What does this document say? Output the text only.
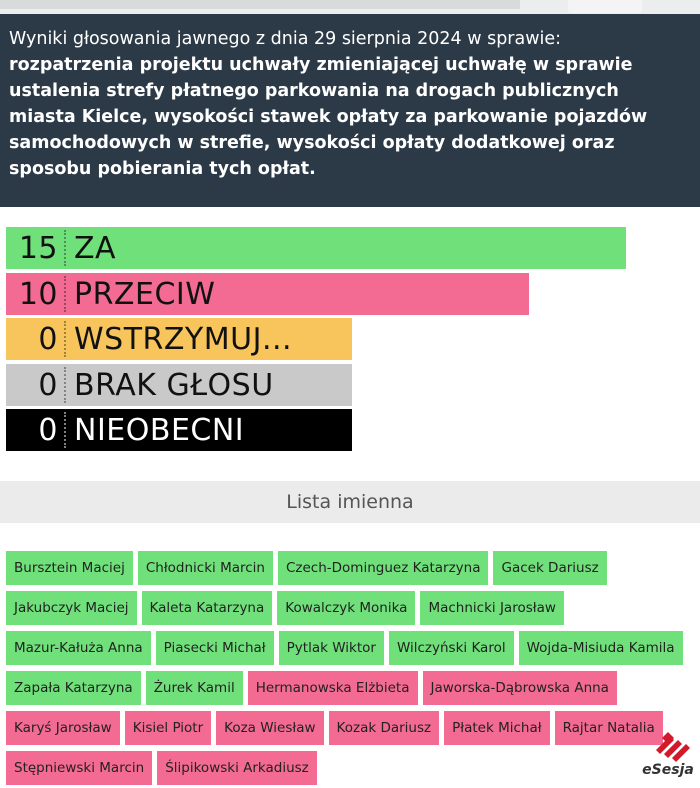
Wyniki głosowania jawnego z dnia 29 sierpnia 2024 w sprawie:
rozpatrzenia projektu uchwały zmieniającej uchwałę w sprawie ustalenia strefy płatnego parkowania na drogach publicznych miasta Kielce, wysokości stawek opłaty za parkowanie pojazdów samochodowych w strefie, wysokości opłaty dodatkowej oraz sposobu pobierania tych opłat.
15 ZA
10 PRZECIW
0 WSTRZYMUJ...
0 BRAK GŁOSU
0 NIEOBECNI
Lista imienna
Bursztein Maciej	Chłodnicki Marcin	Czech-Dominguez Katarzyna	Gacek Dariusz
Jakubczyk Maciej	Kaleta Katarzyna	Kowalczyk Monika	Machnicki Jarosław
Mazur-Kałuża Anna	Piasecki Michał	Pytlak Wiktor	Wilczyński Karol	Wojda-Misiuda Kamila
Zapała Katarzyna	Żurek Kamil	Hermanowska Elżbieta	Jaworska-Dąbrowska Anna
Karyś Jarosław	Kisiel Piotr	Koza Wiesław	Kozak Dariusz	Płatek Michał	Rajtar Natalia
Stępniewski Marcin	Ślipikowski Arkadiusz	eSesja
